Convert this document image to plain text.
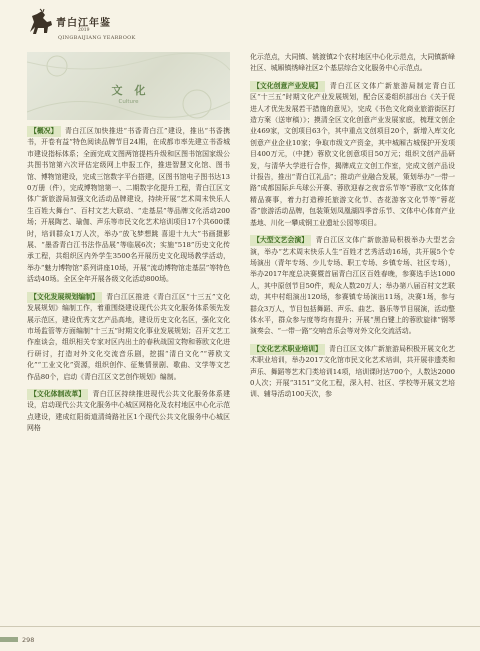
青白江年鉴
2019
QINGBAIJIANG YEARBOOK
文化
Culture

【概况】 青白江区加快推进“书香青白江”建设，推出“书香携书，开卷有益”特色阅读品牌节目24期，在成都市率先建立书香城市建设指标体系；全面完成文图两馆提档升级和区图书馆国家级公共图书馆第六次评估定级网上申报工作，推进智慧文化馆、图书馆、博物馆建设，完成三馆数字平台搭建，区图书馆电子图书达130万册（件），完成博物馆第一、二期数字化提升工程，青白江区文体广新旅游局加强文化活动品牌建设，持续开展“艺术周末快乐人生百姓大舞台”、百村文艺大联动、“走基层”等品牌文化活动200场；开展陶艺、瑜伽、声乐等市民文化艺术培训项目17个共600课时，培训群众1万人次，举办“放飞梦想跳 喜迎十九大”书画摄影展、“墨香青白江书法作品展”等临展6次；实施“518”历史文化传承工程，共组织区内外学生3500名开展历史文化现场教学活动，举办“魅力博物馆”系列讲座10场，开展“流动博物馆走基层”等特色活动40场。全区全年开展各级文化活动800场。

【文化发展规划编制】 青白江区推进《青白江区“十三五”文化发展规划》编制工作，着重围绕建设现代公共文化服务体系领先发展示范区，建设优秀文艺产品高地，建设历史文化名区，强化文化市场监管等方面编制“十三五”时期文化事业发展规划；召开文艺工作座谈会，组织相关专家对区内出土的春秋战国文物和蓉欧文化进行研讨，打造对外文化交流音乐剧，挖掘“清白文化”“蓉欧文化”“工业文化”资源，组织创作、征集情景剧、歌曲、文学等文艺作品80个，启动《青白江区文艺创作规划》编制。

【文化体制改革】 青白江区持续推进现代公共文化服务体系建设，启动现代公共文化服务中心城区网格化及农村地区中心化示范点建设，建成红阳街道清绮路社区1个现代公共文化服务中心城区网格

化示范点，大同镇、姚渡镇2个农村地区中心化示范点，大同镇新峰社区、城厢镇绣峰社区2个基层综合文化服务中心示范点。

【文化创意产业发展】 青白江区文体广新旅游局制定青白江区“十三五”时期文化产业发展规划，配合区委组织部出台《关于促进人才优先发展若干措施的意见》，完成《书色文化商业旅游街区打造方案（送审稿）》；摸清全区文化创意产业发展家底，梳理文创企业469家，文创项目63个，其中重点文创项目20个，新增入库文化创意产业企业10家；争取市级文产资金，其中城厢古城保护开发项目400万元，（中捷）蓉欧文化创意项目50万元；组织文创产品研发，与清华大学进行合作，揭牌成立文创工作室，完成文创产品设计报告，推出“青白江礼品”；推动产业融合发展，策划举办“一带一路”成都国际乒乓球公开赛、蓉欧迎春之夜音乐节等“蓉欧”文化体育精品赛事，着力打造穆托旅游文化节、杏花游客文化节等“蓉花香”旅游活动品牌，包装策划凤凰湖四季音乐节、文体中心体育产业基地、川化一攀成钢工业遗址公园等项目。

【大型文艺会演】 青白江区文体广新旅游局积极举办大型艺会演，举办“艺术周末快乐人生”百姓才艺秀活动16场，共开展5个专场演出（青年专场、少儿专场、职工专场、乡镇专场、社区专场），举办2017年度总决赛暨首届青白江区百姓春晚，参赛选手达1000人，其中原创节目50件，观众人数20万人；举办第八届百村文艺联动，其中村组演出120场，参赛镇专场演出11场，决赛1场，参与群众3万人，节目包括舞蹈、声乐、曲艺、器乐等节目展演，活动整体水平，群众参与度等均有提升；开展“黑白键上的蓉欧旋律”钢琴演奏会、“一带一路”交响音乐会等对外文化交流活动。

【文化艺术职业培训】 青白江区文体广新旅游局积极开展文化艺术职业培训，举办2017文化馆市民文化艺术培训，共开展非遗类和声乐、舞蹈等艺术门类培训14项，培训课时达700个，人数达20000人次；开展“3151”文化工程，深入村、社区、学校等开展文艺培训、辅导活动100天次，参

298
